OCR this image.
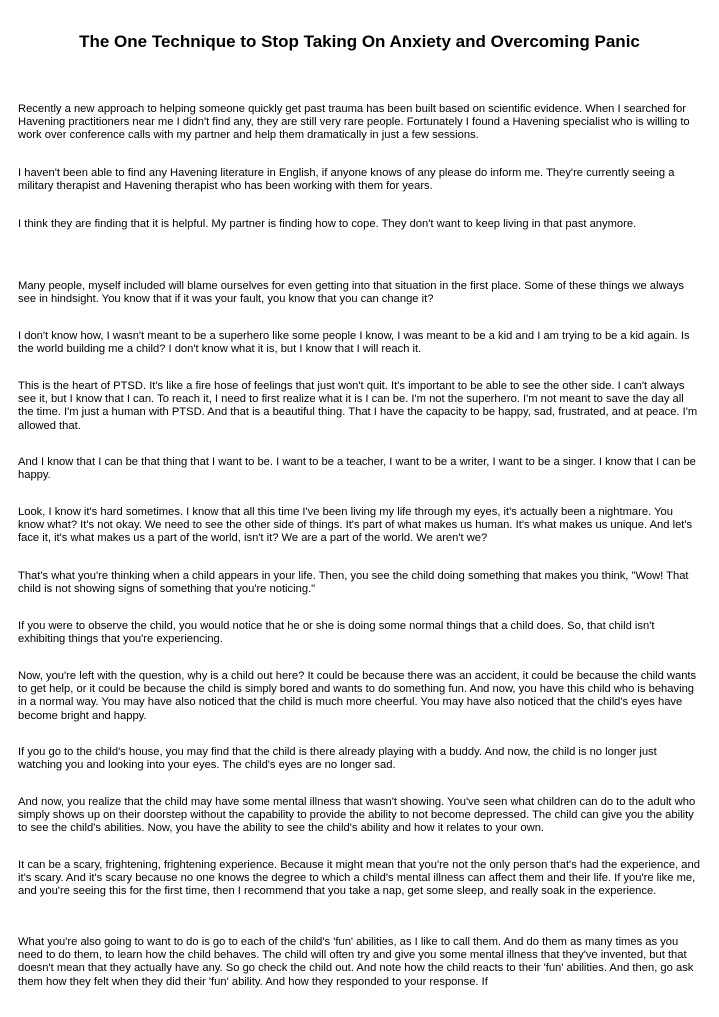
The One Technique to Stop Taking On Anxiety and Overcoming Panic

Recently a new approach to helping someone quickly get past trauma has been built based on scientific evidence. When I searched for Havening practitioners near me I didn't find any, they are still very rare people. Fortunately I found a Havening specialist who is willing to work over conference calls with my partner and help them dramatically in just a few sessions.

I haven't been able to find any Havening literature in English, if anyone knows of any please do inform me. They're currently seeing a military therapist and Havening therapist who has been working with them for years.

I think they are finding that it is helpful. My partner is finding how to cope. They don't want to keep living in that past anymore.

Many people, myself included will blame ourselves for even getting into that situation in the first place. Some of these things we always see in hindsight. You know that if it was your fault, you know that you can change it?

I don't know how, I wasn't meant to be a superhero like some people I know, I was meant to be a kid and I am trying to be a kid again. Is the world building me a child? I don't know what it is, but I know that I will reach it.

This is the heart of PTSD. It's like a fire hose of feelings that just won't quit. It's important to be able to see the other side. I can't always see it, but I know that I can. To reach it, I need to first realize what it is I can be. I'm not the superhero. I'm not meant to save the day all the time. I'm just a human with PTSD. And that is a beautiful thing. That I have the capacity to be happy, sad, frustrated, and at peace. I'm allowed that.

And I know that I can be that thing that I want to be. I want to be a teacher, I want to be a writer, I want to be a singer. I know that I can be happy.

Look, I know it's hard sometimes. I know that all this time I've been living my life through my eyes, it's actually been a nightmare. You know what? It's not okay. We need to see the other side of things. It's part of what makes us human. It's what makes us unique. And let's face it, it's what makes us a part of the world, isn't it? We are a part of the world. We aren't we?

That's what you're thinking when a child appears in your life. Then, you see the child doing something that makes you think, "Wow! That child is not showing signs of something that you're noticing."

If you were to observe the child, you would notice that he or she is doing some normal things that a child does. So, that child isn't exhibiting things that you're experiencing.

Now, you're left with the question, why is a child out here? It could be because there was an accident, it could be because the child wants to get help, or it could be because the child is simply bored and wants to do something fun. And now, you have this child who is behaving in a normal way. You may have also noticed that the child is much more cheerful. You may have also noticed that the child's eyes have become bright and happy.

If you go to the child's house, you may find that the child is there already playing with a buddy. And now, the child is no longer just watching you and looking into your eyes. The child's eyes are no longer sad.

And now, you realize that the child may have some mental illness that wasn't showing. You've seen what children can do to the adult who simply shows up on their doorstep without the capability to provide the ability to not become depressed. The child can give you the ability to see the child's abilities. Now, you have the ability to see the child's ability and how it relates to your own.

It can be a scary, frightening, frightening experience. Because it might mean that you're not the only person that's had the experience, and it's scary. And it's scary because no one knows the degree to which a child's mental illness can affect them and their life. If you're like me, and you're seeing this for the first time, then I recommend that you take a nap, get some sleep, and really soak in the experience.

What you're also going to want to do is go to each of the child's 'fun' abilities, as I like to call them. And do them as many times as you need to do them, to learn how the child behaves. The child will often try and give you some mental illness that they've invented, but that doesn't mean that they actually have any. So go check the child out. And note how the child reacts to their 'fun' abilities. And then, go ask them how they felt when they did their 'fun' ability. And how they responded to your response. If
